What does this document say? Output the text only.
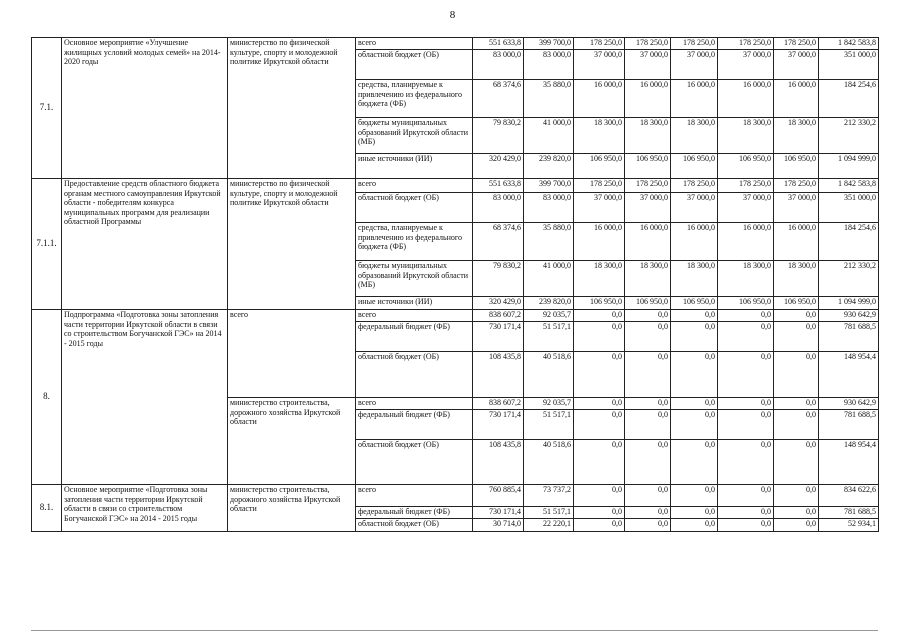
8
7.1.	Основное мероприятие «Улучшение жилищных условий молодых семей» на 2014-2020 годы	министерство по физической культуре, спорту и молодежной политике Иркутской области	всего	551 633,8	399 700,0	178 250,0	178 250,0	178 250,0	178 250,0	178 250,0	1 842 583,8
			областной бюджет (ОБ)	83 000,0	83 000,0	37 000,0	37 000,0	37 000,0	37 000,0	37 000,0	351 000,0
			средства, планируемые к привлечению из федерального бюджета (ФБ)	68 374,6	35 880,0	16 000,0	16 000,0	16 000,0	16 000,0	16 000,0	184 254,6
			бюджеты муниципальных образований Иркутской области (МБ)	79 830,2	41 000,0	18 300,0	18 300,0	18 300,0	18 300,0	18 300,0	212 330,2
			иные источники (ИИ)	320 429,0	239 820,0	106 950,0	106 950,0	106 950,0	106 950,0	106 950,0	1 094 999,0
7.1.1.	Предоставление средств областного бюджета органам местного самоуправления Иркутской области - победителям конкурса муниципальных программ для реализации областной Программы	министерство по физической культуре, спорту и молодежной политике Иркутской области	всего	551 633,8	399 700,0	178 250,0	178 250,0	178 250,0	178 250,0	178 250,0	1 842 583,8
			областной бюджет (ОБ)	83 000,0	83 000,0	37 000,0	37 000,0	37 000,0	37 000,0	37 000,0	351 000,0
			средства, планируемые к привлечению из федерального бюджета (ФБ)	68 374,6	35 880,0	16 000,0	16 000,0	16 000,0	16 000,0	16 000,0	184 254,6
			бюджеты муниципальных образований Иркутской области (МБ)	79 830,2	41 000,0	18 300,0	18 300,0	18 300,0	18 300,0	18 300,0	212 330,2
			иные источники (ИИ)	320 429,0	239 820,0	106 950,0	106 950,0	106 950,0	106 950,0	106 950,0	1 094 999,0
8.	Подпрограмма «Подготовка зоны затопления части территории Иркутской области в связи со строительством Богучанской ГЭС» на 2014 - 2015 годы	всего	всего	838 607,2	92 035,7	0,0	0,0	0,0	0,0	0,0	930 642,9
			федеральный бюджет (ФБ)	730 171,4	51 517,1	0,0	0,0	0,0	0,0	0,0	781 688,5
			областной бюджет (ОБ)	108 435,8	40 518,6	0,0	0,0	0,0	0,0	0,0	148 954,4
		министерство строительства, дорожного хозяйства Иркутской области	всего	838 607,2	92 035,7	0,0	0,0	0,0	0,0	0,0	930 642,9
			федеральный бюджет (ФБ)	730 171,4	51 517,1	0,0	0,0	0,0	0,0	0,0	781 688,5
			областной бюджет (ОБ)	108 435,8	40 518,6	0,0	0,0	0,0	0,0	0,0	148 954,4
8.1.	Основное мероприятие «Подготовка зоны затопления части территории Иркутской области в связи со строительством Богучанской ГЭС» на 2014 - 2015 годы	министерство строительства, дорожного хозяйства Иркутской области	всего	760 885,4	73 737,2	0,0	0,0	0,0	0,0	0,0	834 622,6
			федеральный бюджет (ФБ)	730 171,4	51 517,1	0,0	0,0	0,0	0,0	0,0	781 688,5
			областной бюджет (ОБ)	30 714,0	22 220,1	0,0	0,0	0,0	0,0	0,0	52 934,1
